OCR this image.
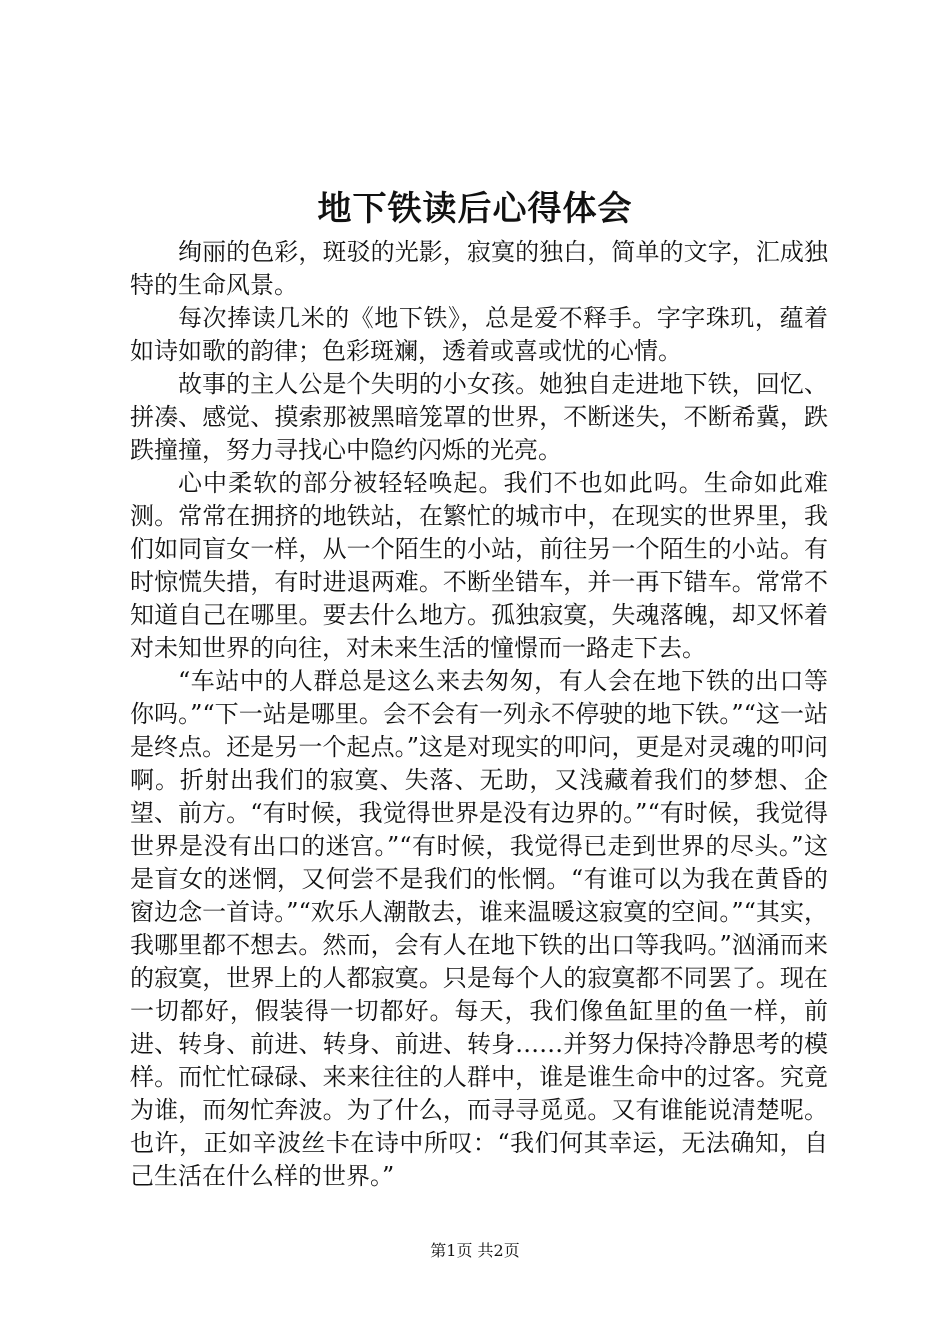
地下铁读后心得体会

绚丽的色彩，斑驳的光影，寂寞的独白，简单的文字，汇成独特的生命风景。

每次捧读几米的《地下铁》，总是爱不释手。字字珠玑，蕴着如诗如歌的韵律；色彩斑斓，透着或喜或忧的心情。

故事的主人公是个失明的小女孩。她独自走进地下铁，回忆、拼凑、感觉、摸索那被黑暗笼罩的世界，不断迷失，不断希冀，跌跌撞撞，努力寻找心中隐约闪烁的光亮。

心中柔软的部分被轻轻唤起。我们不也如此吗。生命如此难测。常常在拥挤的地铁站，在繁忙的城市中，在现实的世界里，我们如同盲女一样，从一个陌生的小站，前往另一个陌生的小站。有时惊慌失措，有时进退两难。不断坐错车，并一再下错车。常常不知道自己在哪里。要去什么地方。孤独寂寞，失魂落魄，却又怀着对未知世界的向往，对未来生活的憧憬而一路走下去。

“车站中的人群总是这么来去匆匆，有人会在地下铁的出口等你吗。”“下一站是哪里。会不会有一列永不停驶的地下铁。”“这一站是终点。还是另一个起点。”这是对现实的叩问，更是对灵魂的叩问啊。折射出我们的寂寞、失落、无助，又浅藏着我们的梦想、企望、前方。“有时候，我觉得世界是没有边界的。”“有时候，我觉得世界是没有出口的迷宫。”“有时候，我觉得已走到世界的尽头。”这是盲女的迷惘，又何尝不是我们的怅惘。“有谁可以为我在黄昏的窗边念一首诗。”“欢乐人潮散去，谁来温暖这寂寞的空间。”“其实，我哪里都不想去。然而，会有人在地下铁的出口等我吗。”汹涌而来的寂寞，世界上的人都寂寞。只是每个人的寂寞都不同罢了。现在一切都好，假装得一切都好。每天，我们像鱼缸里的鱼一样，前进、转身、前进、转身、前进、转身……并努力保持冷静思考的模样。而忙忙碌碌、来来往往的人群中，谁是谁生命中的过客。究竟为谁，而匆忙奔波。为了什么，而寻寻觅觅。又有谁能说清楚呢。也许，正如辛波丝卡在诗中所叹：“我们何其幸运，无法确知，自己生活在什么样的世界。”

第1页 共2页
